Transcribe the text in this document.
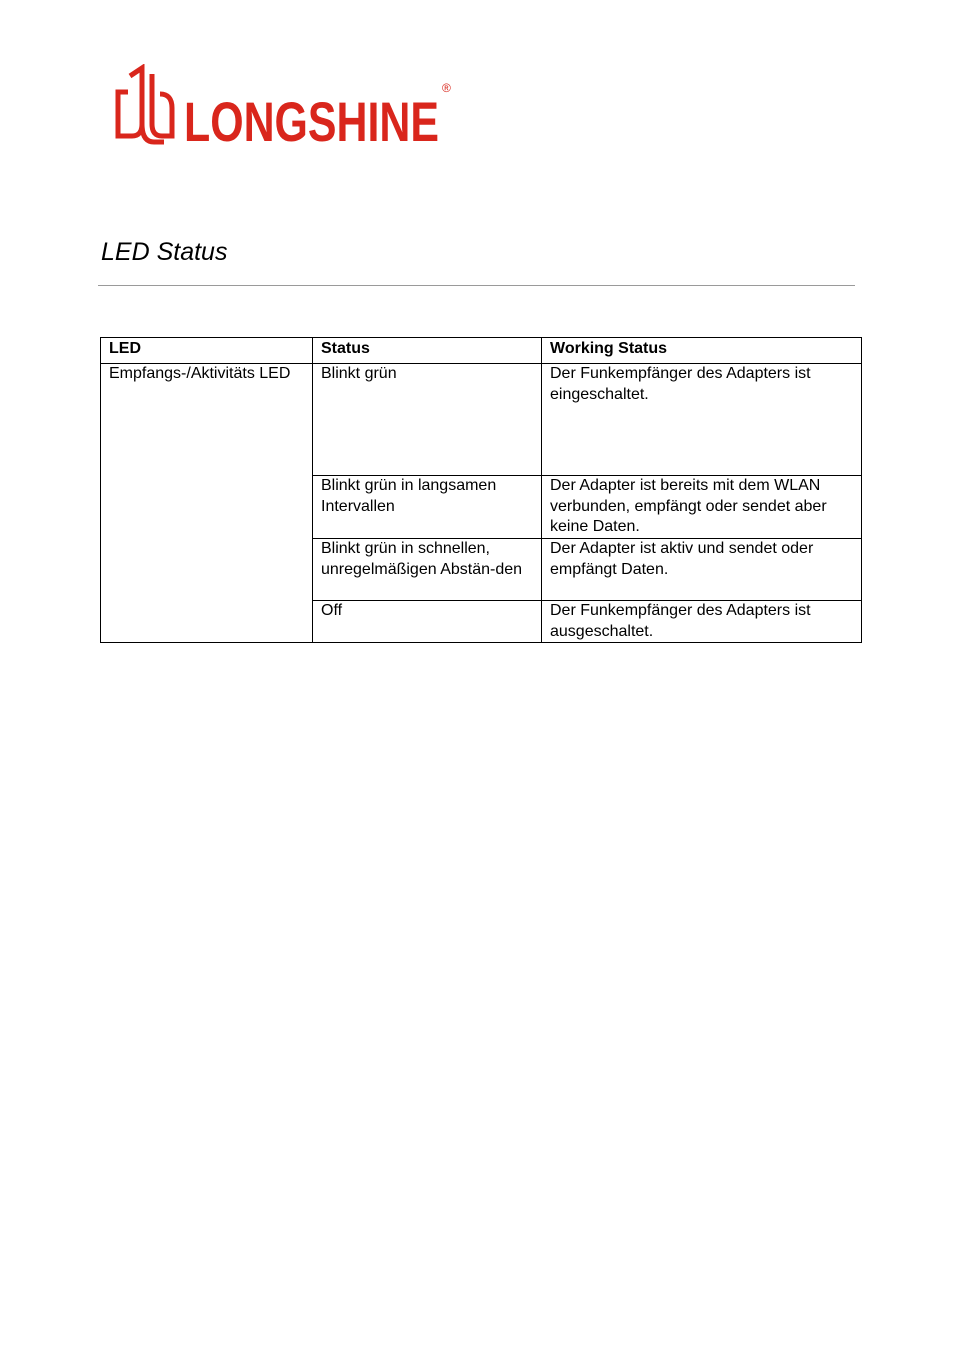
LONGSHINE
®
LED Status
LED	Status	Working Status
Empfangs-/Aktivitäts LED	Blinkt grün	Der Funkempfänger des Adapters ist eingeschaltet.
	Blinkt grün in langsamen Intervallen	Der Adapter ist bereits mit dem WLAN verbunden, empfängt oder sendet aber keine Daten.
	Blinkt grün in schnellen, unregelmäßigen Abstän-den	Der Adapter ist aktiv und sendet oder empfängt Daten.
	Off	Der Funkempfänger des Adapters ist ausgeschaltet.
